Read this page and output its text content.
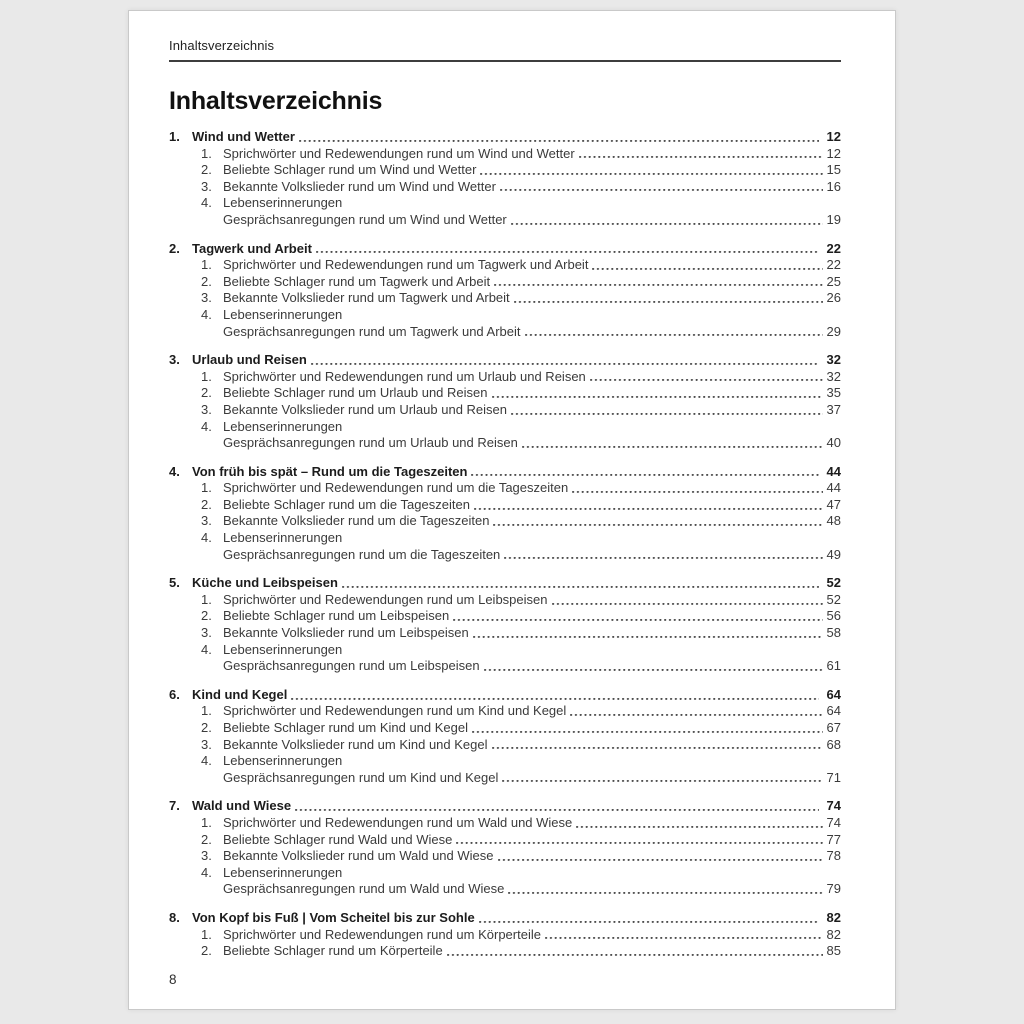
Inhaltsverzeichnis
Inhaltsverzeichnis
1. Wind und Wetter	12
1. Sprichwörter und Redewendungen rund um Wind und Wetter	12
2. Beliebte Schlager rund um Wind und Wetter	15
3. Bekannte Volkslieder rund um Wind und Wetter	16
4. Lebenserinnerungen
Gesprächsanregungen rund um Wind und Wetter	19
2. Tagwerk und Arbeit	22
1. Sprichwörter und Redewendungen rund um Tagwerk und Arbeit	22
2. Beliebte Schlager rund um Tagwerk und Arbeit	25
3. Bekannte Volkslieder rund um Tagwerk und Arbeit	26
4. Lebenserinnerungen
Gesprächsanregungen rund um Tagwerk und Arbeit	29
3. Urlaub und Reisen	32
1. Sprichwörter und Redewendungen rund um Urlaub und Reisen	32
2. Beliebte Schlager rund um Urlaub und Reisen	35
3. Bekannte Volkslieder rund um Urlaub und Reisen	37
4. Lebenserinnerungen
Gesprächsanregungen rund um Urlaub und Reisen	40
4. Von früh bis spät – Rund um die Tageszeiten	44
1. Sprichwörter und Redewendungen rund um die Tageszeiten	44
2. Beliebte Schlager rund um die Tageszeiten	47
3. Bekannte Volkslieder rund um die Tageszeiten	48
4. Lebenserinnerungen
Gesprächsanregungen rund um die Tageszeiten	49
5. Küche und Leibspeisen	52
1. Sprichwörter und Redewendungen rund um Leibspeisen	52
2. Beliebte Schlager rund um Leibspeisen	56
3. Bekannte Volkslieder rund um Leibspeisen	58
4. Lebenserinnerungen
Gesprächsanregungen rund um Leibspeisen	61
6. Kind und Kegel	64
1. Sprichwörter und Redewendungen rund um Kind und Kegel	64
2. Beliebte Schlager rund um Kind und Kegel	67
3. Bekannte Volkslieder rund um Kind und Kegel	68
4. Lebenserinnerungen
Gesprächsanregungen rund um Kind und Kegel	71
7. Wald und Wiese	74
1. Sprichwörter und Redewendungen rund um Wald und Wiese	74
2. Beliebte Schlager rund Wald und Wiese	77
3. Bekannte Volkslieder rund um Wald und Wiese	78
4. Lebenserinnerungen
Gesprächsanregungen rund um Wald und Wiese	79
8. Von Kopf bis Fuß | Vom Scheitel bis zur Sohle	82
1. Sprichwörter und Redewendungen rund um Körperteile	82
2. Beliebte Schlager rund um Körperteile	85
8
